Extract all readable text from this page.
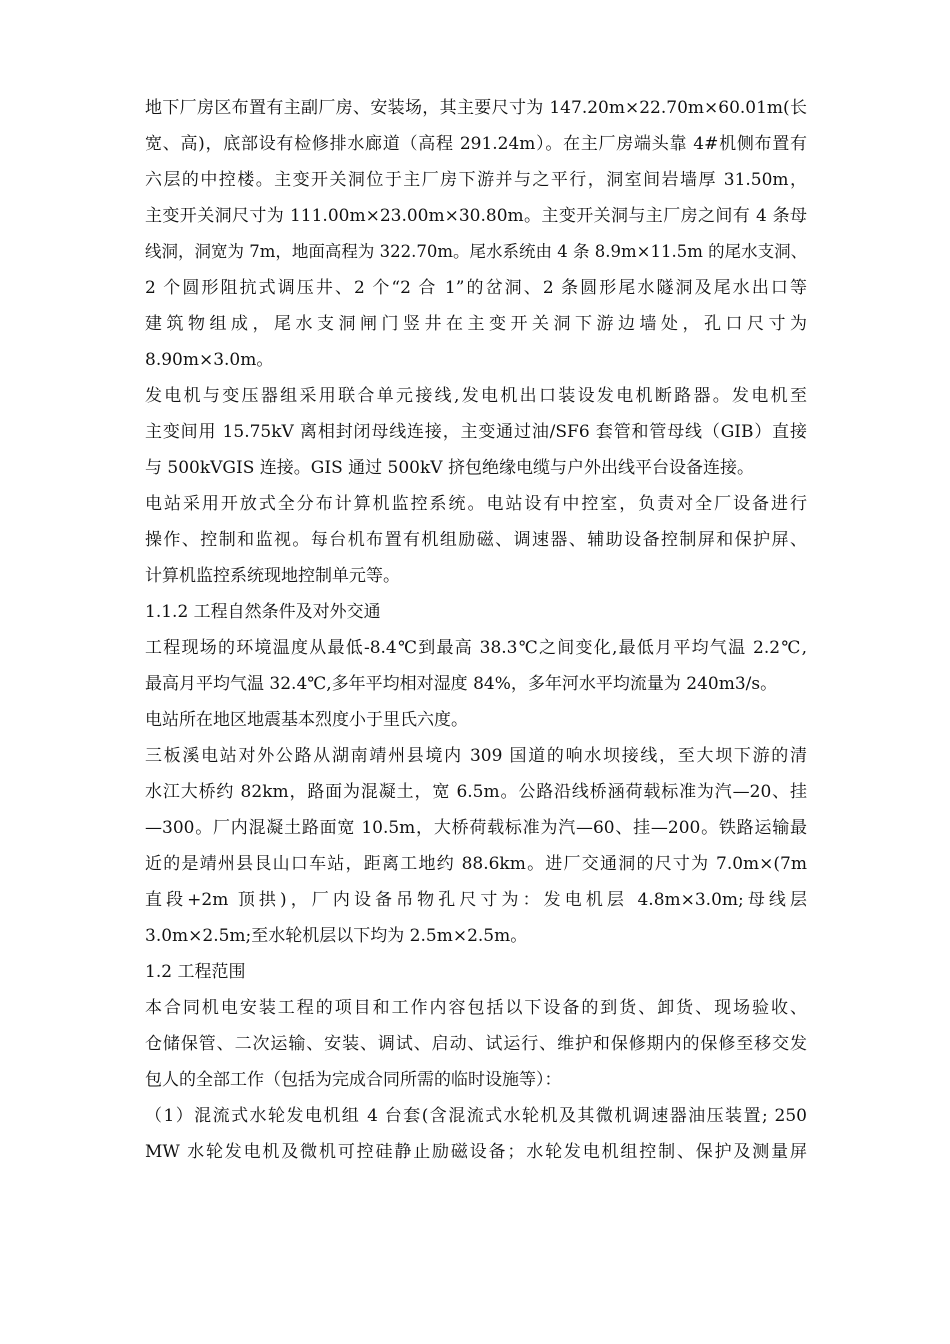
地下厂房区布置有主副厂房、安装场，其主要尺寸为 147.20m×22.70m×60.01m(长
宽、高)，底部设有检修排水廊道（高程 291.24m）。在主厂房端头靠 4#机侧布置有
六层的中控楼。主变开关洞位于主厂房下游并与之平行，洞室间岩墙厚 31.50m，
主变开关洞尺寸为 111.00m×23.00m×30.80m。主变开关洞与主厂房之间有 4 条母
线洞，洞宽为 7m，地面高程为 322.70m。尾水系统由 4 条 8.9m×11.5m 的尾水支洞、
2 个圆形阻抗式调压井、2 个“2 合 1”的岔洞、2 条圆形尾水隧洞及尾水出口等
建筑物组成，尾水支洞闸门竖井在主变开关洞下游边墙处，孔口尺寸为
8.90m×3.0m。
发电机与变压器组采用联合单元接线,发电机出口装设发电机断路器。发电机至
主变间用 15.75kV 离相封闭母线连接，主变通过油/SF6 套管和管母线（GIB）直接
与 500kVGIS 连接。GIS 通过 500kV 挤包绝缘电缆与户外出线平台设备连接。
电站采用开放式全分布计算机监控系统。电站设有中控室，负责对全厂设备进行
操作、控制和监视。每台机布置有机组励磁、调速器、辅助设备控制屏和保护屏、
计算机监控系统现地控制单元等。
1.1.2 工程自然条件及对外交通
工程现场的环境温度从最低-8.4℃到最高 38.3℃之间变化,最低月平均气温 2.2℃,
最高月平均气温 32.4℃,多年平均相对湿度 84%，多年河水平均流量为 240m3/s。
电站所在地区地震基本烈度小于里氏六度。
三板溪电站对外公路从湖南靖州县境内 309 国道的响水坝接线，至大坝下游的清
水江大桥约 82km，路面为混凝土，宽 6.5m。公路沿线桥涵荷载标准为汽—20、挂
—300。厂内混凝土路面宽 10.5m，大桥荷载标准为汽—60、挂—200。铁路运输最
近的是靖州县艮山口车站，距离工地约 88.6km。进厂交通洞的尺寸为 7.0m×(7m
直段+2m 顶拱)，厂内设备吊物孔尺寸为：发电机层 4.8m×3.0m;母线层
3.0m×2.5m;至水轮机层以下均为 2.5m×2.5m。
1.2 工程范围
本合同机电安装工程的项目和工作内容包括以下设备的到货、卸货、现场验收、
仓储保管、二次运输、安装、调试、启动、试运行、维护和保修期内的保修至移交发
包人的全部工作（包括为完成合同所需的临时设施等）：
（1）混流式水轮发电机组 4 台套(含混流式水轮机及其微机调速器油压装置; 250
MW 水轮发电机及微机可控硅静止励磁设备；水轮发电机组控制、保护及测量屏
